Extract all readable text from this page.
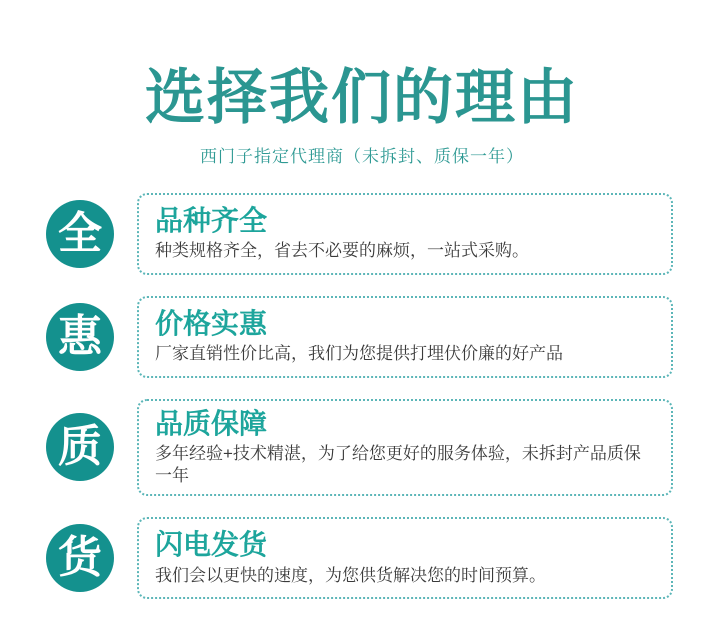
选择我们的理由

西门子指定代理商（未拆封、质保一年）

全	品种齐全

种类规格齐全，省去不必要的麻烦，一站式采购。

惠	价格实惠

厂家直销性价比高，我们为您提供打埋伏价廉的好产品

质	品质保障

多年经验+技术精湛，为了给您更好的服务体验，未拆封产品质保一年

货	闪电发货

我们会以更快的速度，为您供货解决您的时间预算。
